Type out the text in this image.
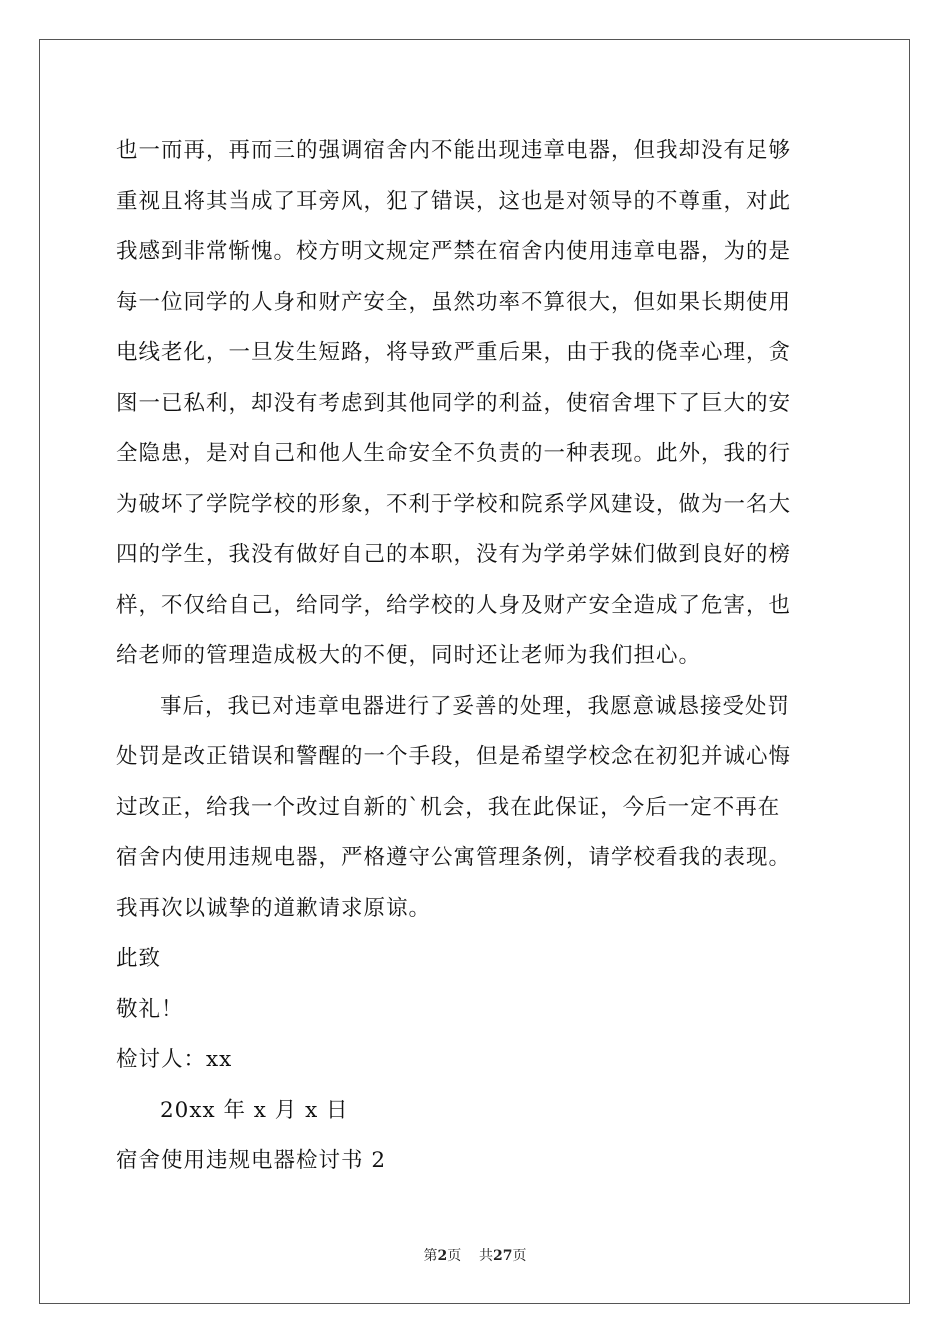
也一而再，再而三的强调宿舍内不能出现违章电器，但我却没有足够
重视且将其当成了耳旁风，犯了错误，这也是对领导的不尊重，对此
我感到非常惭愧。校方明文规定严禁在宿舍内使用违章电器，为的是
每一位同学的人身和财产安全，虽然功率不算很大，但如果长期使用
电线老化，一旦发生短路，将导致严重后果，由于我的侥幸心理，贪
图一已私利，却没有考虑到其他同学的利益，使宿舍埋下了巨大的安
全隐患，是对自己和他人生命安全不负责的一种表现。此外，我的行
为破坏了学院学校的形象，不利于学校和院系学风建设，做为一名大
四的学生，我没有做好自己的本职，没有为学弟学妹们做到良好的榜
样，不仅给自己，给同学，给学校的人身及财产安全造成了危害，也
给老师的管理造成极大的不便，同时还让老师为我们担心。
事后，我已对违章电器进行了妥善的处理，我愿意诚恳接受处罚
处罚是改正错误和警醒的一个手段，但是希望学校念在初犯并诚心悔
过改正，给我一个改过自新的`机会，我在此保证，今后一定不再在
宿舍内使用违规电器，严格遵守公寓管理条例，请学校看我的表现。
我再次以诚挚的道歉请求原谅。
此致
敬礼！
检讨人：xx
20xx 年 x 月 x 日
宿舍使用违规电器检讨书 2
第2页 共27页
